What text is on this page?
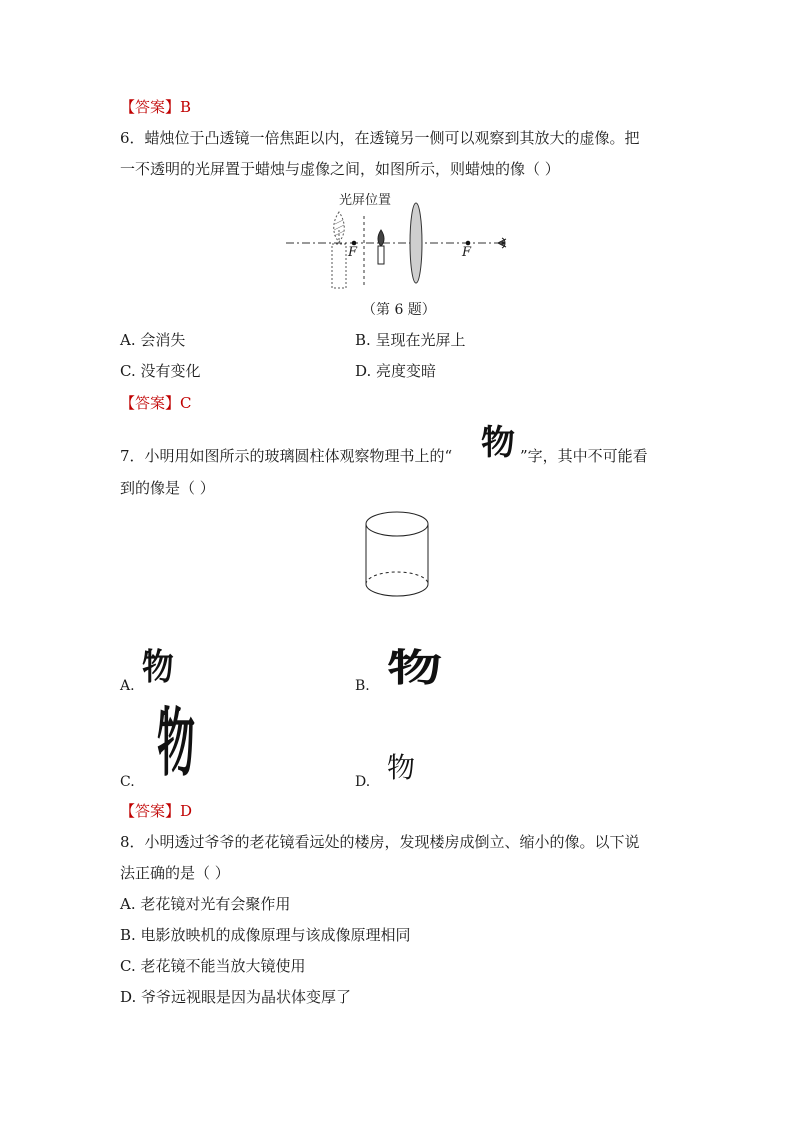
【答案】B
6．蜡烛位于凸透镜一倍焦距以内，在透镜另一侧可以观察到其放大的虚像。把
一不透明的光屏置于蜡烛与虚像之间，如图所示，则蜡烛的像（ ）
光屏位置
F	F
（第 6 题）
A. 会消失	B. 呈现在光屏上
C. 没有变化	D. 亮度变暗
【答案】C
7．小明用如图所示的玻璃圆柱体观察物理书上的“ 物 ”字，其中不可能看
到的像是（ ）
A. 物	B. 物
C. 物	D. 物
【答案】D
8．小明透过爷爷的老花镜看远处的楼房，发现楼房成倒立、缩小的像。以下说
法正确的是（ ）
A. 老花镜对光有会聚作用
B. 电影放映机的成像原理与该成像原理相同
C. 老花镜不能当放大镜使用
D. 爷爷远视眼是因为晶状体变厚了
